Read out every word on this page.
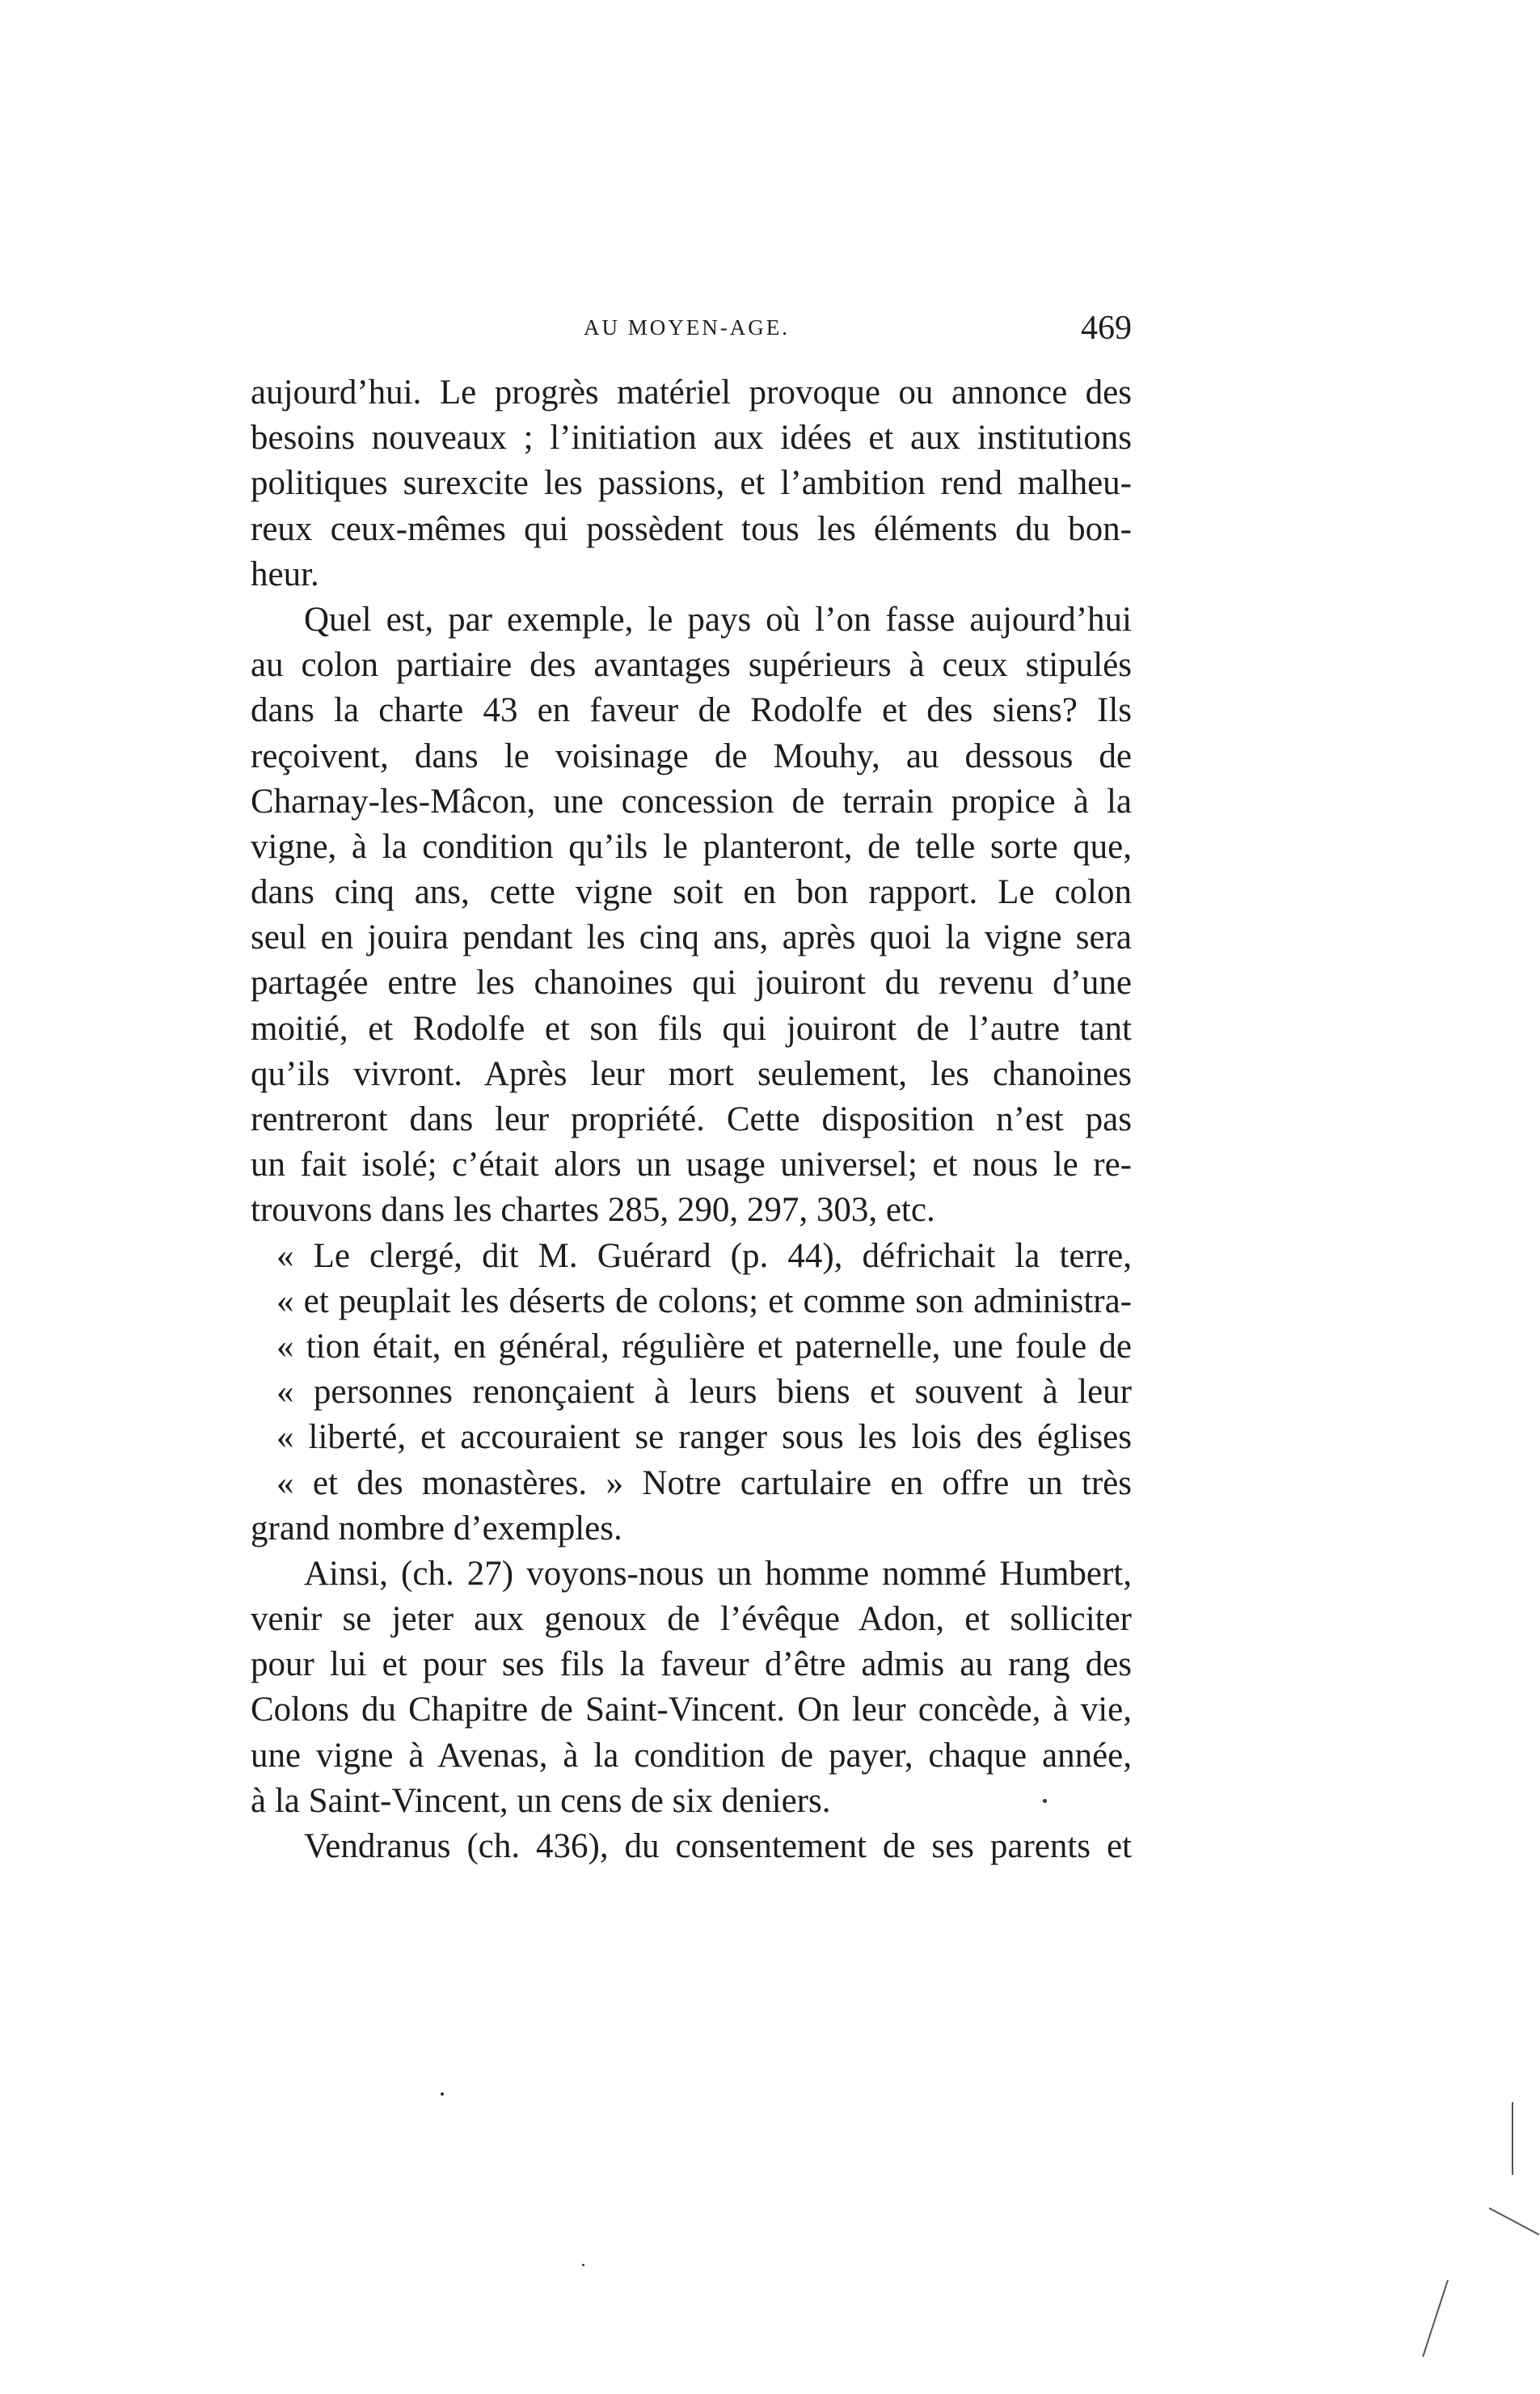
AU MOYEN-AGE.	469
aujourd’hui. Le progrès matériel provoque ou annonce des
besoins nouveaux ; l’initiation aux idées et aux institutions
politiques surexcite les passions, et l’ambition rend malheu-
reux ceux-mêmes qui possèdent tous les éléments du bon-
heur.
Quel est, par exemple, le pays où l’on fasse aujourd’hui
au colon partiaire des avantages supérieurs à ceux stipulés
dans la charte 43 en faveur de Rodolfe et des siens? Ils
reçoivent, dans le voisinage de Mouhy, au dessous de
Charnay-les-Mâcon, une concession de terrain propice à la
vigne, à la condition qu’ils le planteront, de telle sorte que,
dans cinq ans, cette vigne soit en bon rapport. Le colon
seul en jouira pendant les cinq ans, après quoi la vigne sera
partagée entre les chanoines qui jouiront du revenu d’une
moitié, et Rodolfe et son fils qui jouiront de l’autre tant
qu’ils vivront. Après leur mort seulement, les chanoines
rentreront dans leur propriété. Cette disposition n’est pas
un fait isolé; c’était alors un usage universel; et nous le re-
trouvons dans les chartes 285, 290, 297, 303, etc.
« Le clergé, dit M. Guérard (p. 44), défrichait la terre,
« et peuplait les déserts de colons; et comme son administra-
« tion était, en général, régulière et paternelle, une foule de
« personnes renonçaient à leurs biens et souvent à leur
« liberté, et accouraient se ranger sous les lois des églises
« et des monastères. » Notre cartulaire en offre un très
grand nombre d’exemples.
Ainsi, (ch. 27) voyons-nous un homme nommé Humbert,
venir se jeter aux genoux de l’évêque Adon, et solliciter
pour lui et pour ses fils la faveur d’être admis au rang des
Colons du Chapitre de Saint-Vincent. On leur concède, à vie,
une vigne à Avenas, à la condition de payer, chaque année,
à la Saint-Vincent, un cens de six deniers.
Vendranus (ch. 436), du consentement de ses parents et
